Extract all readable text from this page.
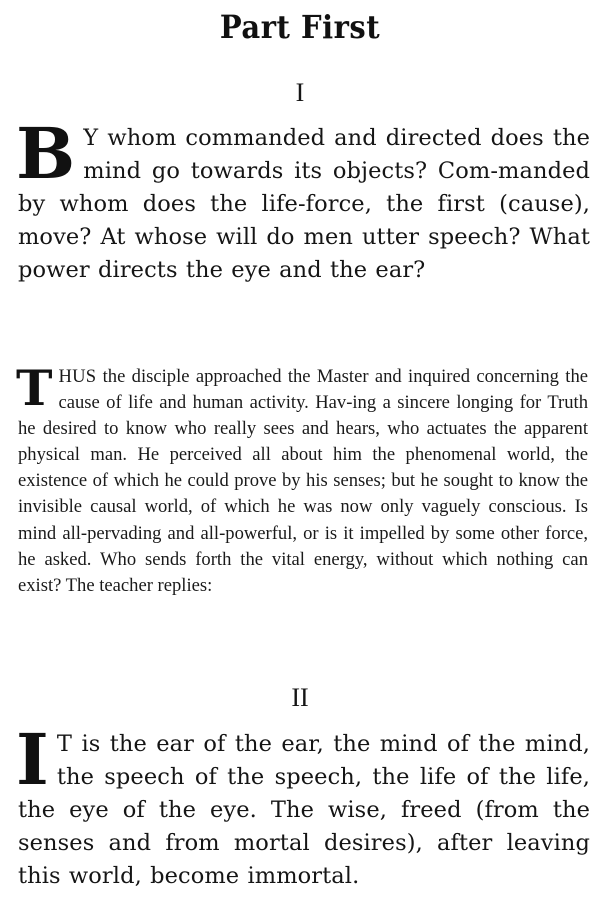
Part First
I
B Y whom commanded and directed does the mind go towards its objects? Com-manded by whom does the life-force, the first (cause), move? At whose will do men utter speech? What power directs the eye and the ear?
THUS the disciple approached the Master and inquired concerning the cause of life and human activity. Hav-ing a sincere longing for Truth he desired to know who really sees and hears, who actuates the apparent physical man. He perceived all about him the phenomenal world, the existence of which he could prove by his senses; but he sought to know the invisible causal world, of which he was now only vaguely conscious. Is mind all-pervading and all-powerful, or is it impelled by some other force, he asked. Who sends forth the vital energy, without which nothing can exist? The teacher replies:
II
I T is the ear of the ear, the mind of the mind, the speech of the speech, the life of the life, the eye of the eye. The wise, freed (from the senses and from mortal desires), after leaving this world, become immortal.
